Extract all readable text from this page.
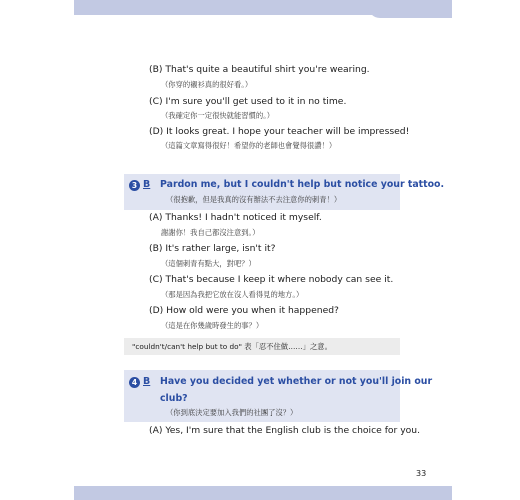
(B) That's quite a beautiful shirt you're wearing.
（你穿的襯衫真的很好看。）
(C) I'm sure you'll get used to it in no time.
（我確定你一定很快就能習慣的。）
(D) It looks great. I hope your teacher will be impressed!
（這篇文章寫得很好！希望你的老師也會覺得很讚！）
3 B Pardon me, but I couldn't help but notice your tattoo.
（很抱歉，但是我真的沒有辦法不去注意你的刺青！）
(A) Thanks! I hadn't noticed it myself.
謝謝你！我自己都沒注意到。）
(B) It's rather large, isn't it?
（這個刺青有點大，對吧？）
(C) That's because I keep it where nobody can see it.
（那是因為我把它放在沒人看得見的地方。）
(D) How old were you when it happened?
（這是在你幾歲時發生的事？）
"couldn't/can't help but to do" 表「忍不住做……」之意。
4 B Have you decided yet whether or not you'll join our
club?
（你到底決定要加入我們的社團了沒？）
(A) Yes, I'm sure that the English club is the choice for you.
33
